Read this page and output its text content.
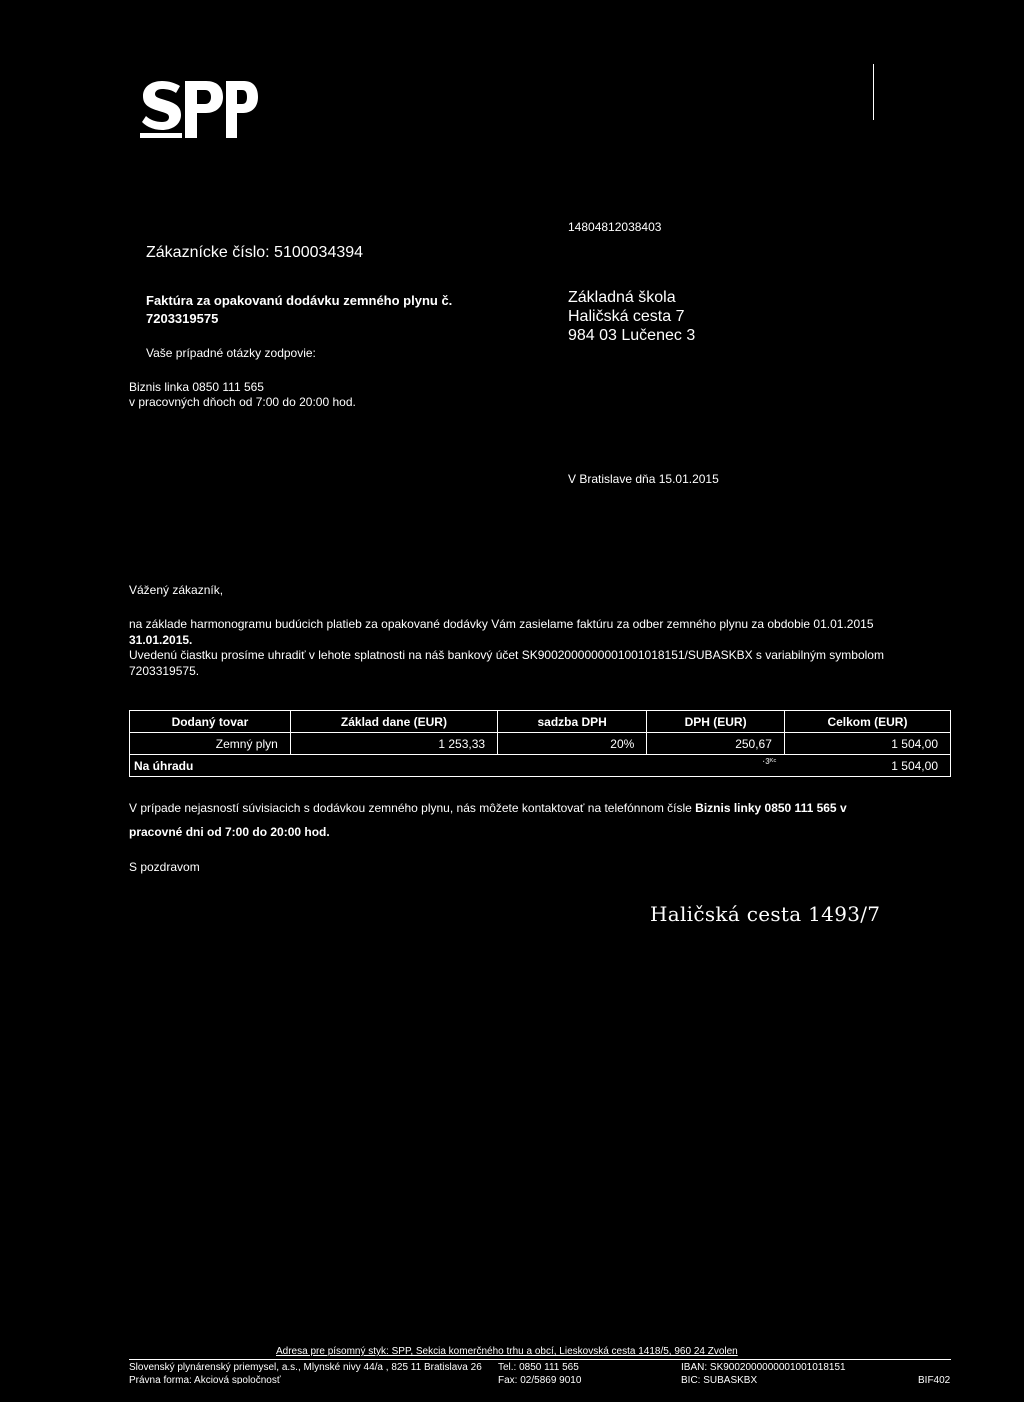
14804812038403
Zákaznícke číslo: 5100034394
Faktúra za opakovanú dodávku zemného plynu č.
7203319575
Vaše prípadné otázky zodpovie:
Biznis linka 0850 111 565
v pracovných dňoch od 7:00 do 20:00 hod.
Základná škola
Haličská cesta 7
984 03 Lučenec 3
V Bratislave dňa 15.01.2015
Vážený zákazník,
na základe harmonogramu budúcich platieb za opakované dodávky Vám zasielame faktúru za odber zemného plynu za obdobie 01.01.2015
31.01.2015.
Uvedenú čiastku prosíme uhradiť v lehote splatnosti na náš bankový účet SK9002000000001001018151/SUBASKBX s variabilným symbolom
7203319575.
Dodaný tovar	Základ dane (EUR)	sadzba DPH	DPH (EUR)	Celkom (EUR)
Zemný plyn	1 253,33	20%	250,67	1 504,00
Na úhradu ·3ᴷᶜ				1 504,00
V prípade nejasností súvisiacich s dodávkou zemného plynu, nás môžete kontaktovať na telefónnom čísle Biznis linky 0850 111 565 v
pracovné dni od 7:00 do 20:00 hod.
S pozdravom
Haličská cesta 1493/7
Adresa pre písomný styk: SPP, Sekcia komerčného trhu a obcí, Lieskovská cesta 1418/5, 960 24 Zvolen
Slovenský plynárenský priemysel, a.s., Mlynské nivy 44/a , 825 11 Bratislava 26
Právna forma: Akciová spoločnosť
Tel.: 0850 111 565
Fax: 02/5869 9010
IBAN: SK9002000000001001018151
BIC: SUBASKBX	BIF402
